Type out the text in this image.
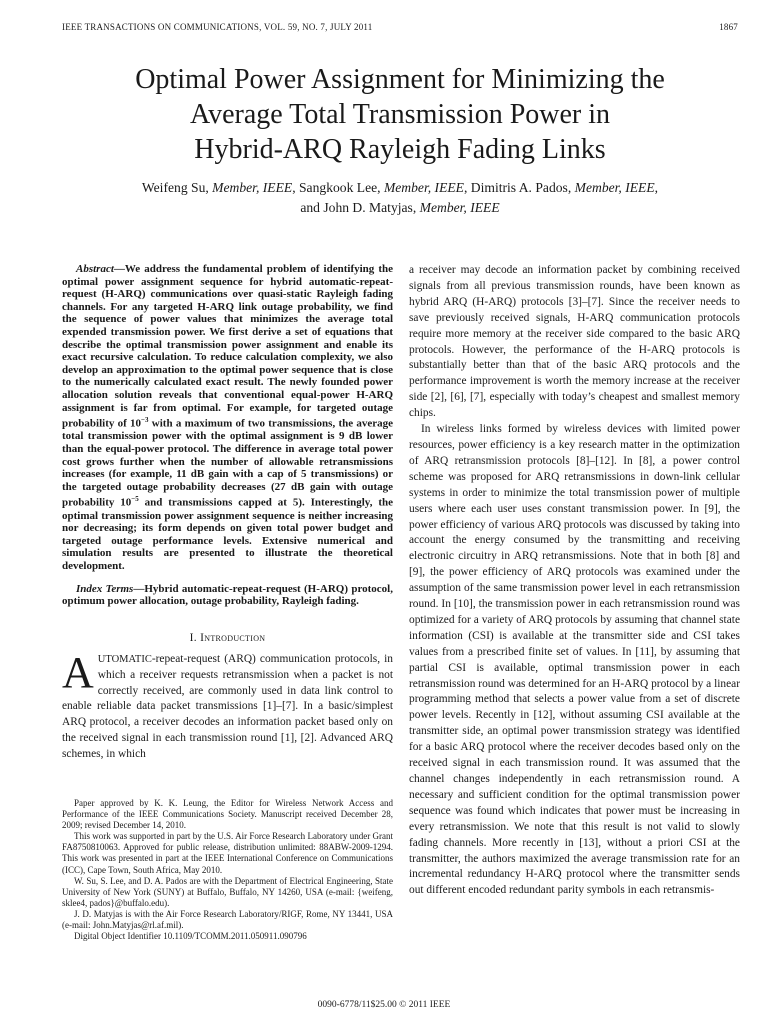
IEEE TRANSACTIONS ON COMMUNICATIONS, VOL. 59, NO. 7, JULY 2011	1867
Optimal Power Assignment for Minimizing the
Average Total Transmission Power in
Hybrid-ARQ Rayleigh Fading Links
Weifeng Su, Member, IEEE, Sangkook Lee, Member, IEEE, Dimitris A. Pados, Member, IEEE,
and John D. Matyjas, Member, IEEE

Abstract—We address the fundamental problem of identifying the optimal power assignment sequence for hybrid automatic-repeat-request (H-ARQ) communications over quasi-static Rayleigh fading channels. For any targeted H-ARQ link outage probability, we find the sequence of power values that minimizes the average total expended transmission power. We first derive a set of equations that describe the optimal transmission power assignment and enable its exact recursive calculation. To reduce calculation complexity, we also develop an approximation to the optimal power sequence that is close to the numerically calculated exact result. The newly founded power allocation solution reveals that conventional equal-power H-ARQ assignment is far from optimal. For example, for targeted outage probability of $10^{-3}$ with a maximum of two transmissions, the average total transmission power with the optimal assignment is 9 dB lower than the equal-power protocol. The difference in average total power cost grows further when the number of allowable retransmissions increases (for example, 11 dB gain with a cap of 5 transmissions) or the targeted outage probability decreases (27 dB gain with outage probability $10^{-5}$ and transmissions capped at 5). Interestingly, the optimal transmission power assignment sequence is neither increasing nor decreasing; its form depends on given total power budget and targeted outage performance levels. Extensive numerical and simulation results are presented to illustrate the theoretical development.

Index Terms—Hybrid automatic-repeat-request (H-ARQ) protocol, optimum power allocation, outage probability, Rayleigh fading.

I. Introduction

AUTOMATIC-repeat-request (ARQ) communication protocols, in which a receiver requests retransmission when a packet is not correctly received, are commonly used in data link control to enable reliable data packet transmissions [1]–[7]. In a basic/simplest ARQ protocol, a receiver decodes an information packet based only on the received signal in each transmission round [1], [2]. Advanced ARQ schemes, in which

Paper approved by K. K. Leung, the Editor for Wireless Network Access and Performance of the IEEE Communications Society. Manuscript received December 28, 2009; revised December 14, 2010.

This work was supported in part by the U.S. Air Force Research Laboratory under Grant FA8750810063. Approved for public release, distribution unlimited: 88ABW-2009-1294. This work was presented in part at the IEEE International Conference on Communications (ICC), Cape Town, South Africa, May 2010.

W. Su, S. Lee, and D. A. Pados are with the Department of Electrical Engineering, State University of New York (SUNY) at Buffalo, Buffalo, NY 14260, USA (e-mail: {weifeng, sklee4, pados}@buffalo.edu).

J. D. Matyjas is with the Air Force Research Laboratory/RIGF, Rome, NY 13441, USA (e-mail: John.Matyjas@rl.af.mil).

Digital Object Identifier 10.1109/TCOMM.2011.050911.090796

a receiver may decode an information packet by combining received signals from all previous transmission rounds, have been known as hybrid ARQ (H-ARQ) protocols [3]–[7]. Since the receiver needs to save previously received signals, H-ARQ communication protocols require more memory at the receiver side compared to the basic ARQ protocols. However, the performance of the H-ARQ protocols is substantially better than that of the basic ARQ protocols and the performance improvement is worth the memory increase at the receiver side [2], [6], [7], especially with today’s cheapest and smallest memory chips.

In wireless links formed by wireless devices with limited power resources, power efficiency is a key research matter in the optimization of ARQ retransmission protocols [8]–[12]. In [8], a power control scheme was proposed for ARQ retransmissions in down-link cellular systems in order to minimize the total transmission power of multiple users where each user uses constant transmission power. In [9], the power efficiency of various ARQ protocols was discussed by taking into account the energy consumed by the transmitting and receiving electronic circuitry in ARQ retransmissions. Note that in both [8] and [9], the power efficiency of ARQ protocols was examined under the assumption of the same transmission power level in each retransmission round. In [10], the transmission power in each retransmission round was optimized for a variety of ARQ protocols by assuming that channel state information (CSI) is available at the transmitter side and CSI takes values from a prescribed finite set of values. In [11], by assuming that partial CSI is available, optimal transmission power in each retransmission round was determined for an H-ARQ protocol by a linear programming method that selects a power value from a set of discrete power levels. Recently in [12], without assuming CSI available at the transmitter side, an optimal power transmission strategy was identified for a basic ARQ protocol where the receiver decodes based only on the received signal in each transmission round. It was assumed that the channel changes independently in each retransmission round. A necessary and sufficient condition for the optimal transmission power sequence was found which indicates that power must be increasing in every retransmission. We note that this result is not valid to slowly fading channels. More recently in [13], without a priori CSI at the transmitter, the authors maximized the average transmission rate for an incremental redundancy H-ARQ protocol where the transmitter sends out different encoded redundant parity symbols in each retransmis-

0090-6778/11$25.00 © 2011 IEEE
